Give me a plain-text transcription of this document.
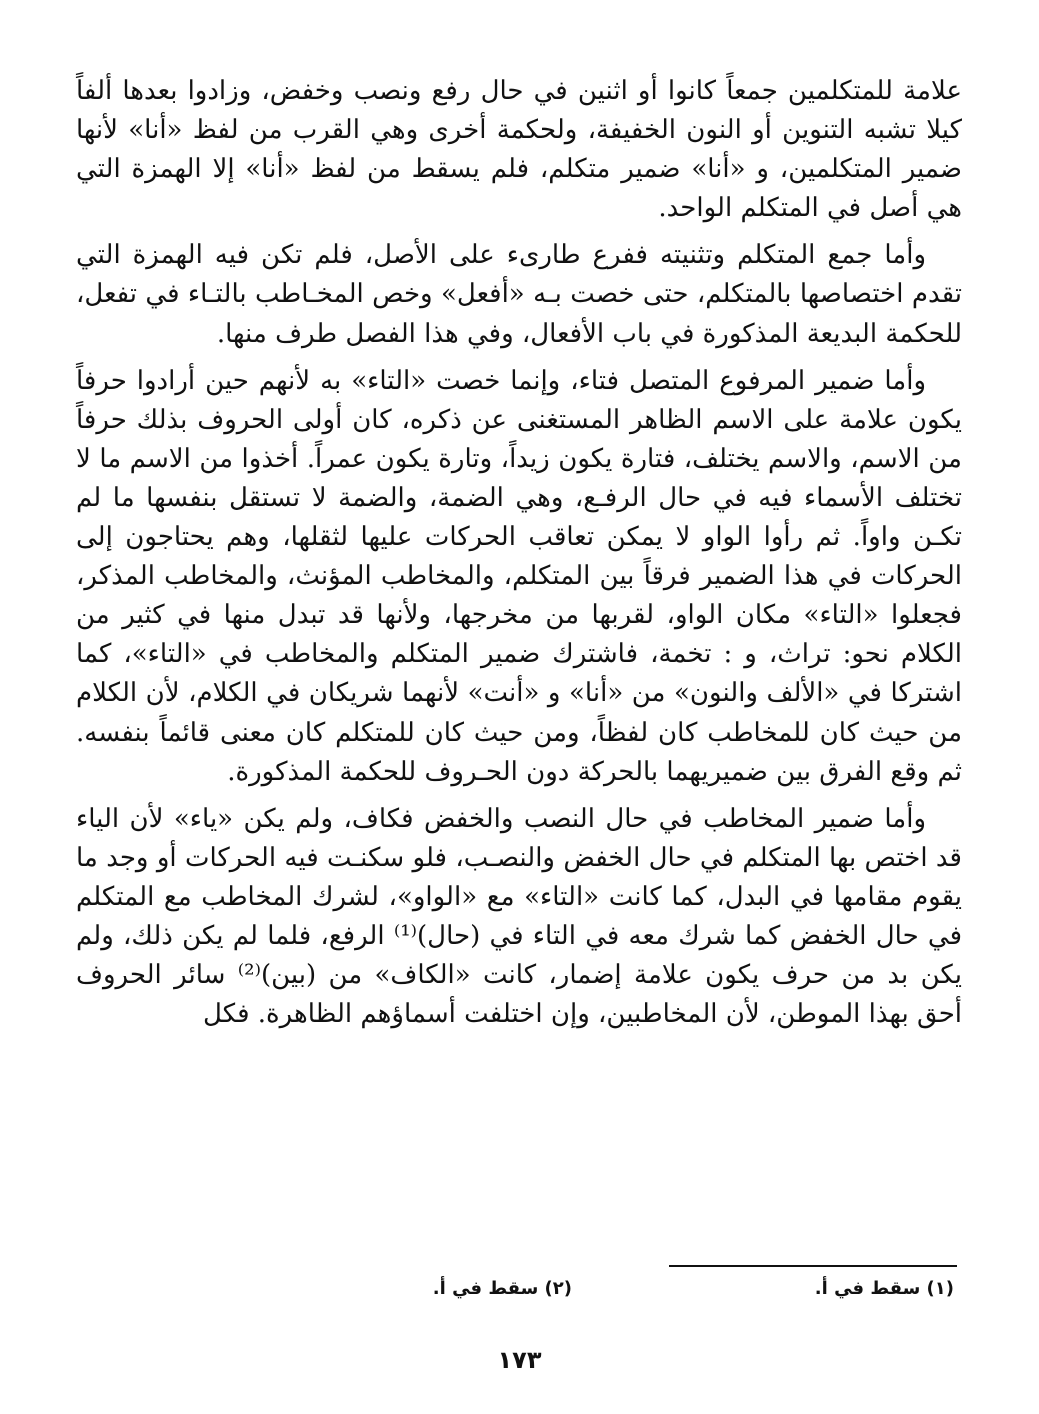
علامة للمتكلمين جمعاً كانوا أو اثنين في حال رفع ونصب وخفض، وزادوا بعدها ألفاً كيلا تشبه التنوين أو النون الخفيفة، ولحكمة أخرى وهي القرب من لفظ «أنا» لأنها ضمير المتكلمين، و «أنا» ضمير متكلم، فلم يسقط من لفظ «أنا» إلا الهمزة التي هي أصل في المتكلم الواحد.

وأما جمع المتكلم وتثنيته ففرع طارىء على الأصل، فلم تكن فيه الهمزة التي تقدم اختصاصها بالمتكلم، حتى خصت بـه «أفعل» وخص المخـاطب بالتـاء في تفعل، للحكمة البديعة المذكورة في باب الأفعال، وفي هذا الفصل طرف منها.

وأما ضمير المرفوع المتصل فتاء، وإنما خصت «التاء» به لأنهم حين أرادوا حرفاً يكون علامة على الاسم الظاهر المستغنى عن ذكره، كان أولى الحروف بذلك حرفاً من الاسم، والاسم يختلف، فتارة يكون زيداً، وتارة يكون عمراً. أخذوا من الاسم ما لا تختلف الأسماء فيه في حال الرفـع، وهي الضمة، والضمة لا تستقل بنفسها ما لم تكـن واواً. ثم رأوا الواو لا يمكن تعاقب الحركات عليها لثقلها، وهم يحتاجون إلى الحركات في هذا الضمير فرقاً بين المتكلم، والمخاطب المؤنث، والمخاطب المذكر، فجعلوا «التاء» مكان الواو، لقربها من مخرجها، ولأنها قد تبدل منها في كثير من الكلام نحو: تراث، و : تخمة، فاشترك ضمير المتكلم والمخاطب في «التاء»، كما اشتركا في «الألف والنون» من «أنا» و «أنت» لأنهما شريكان في الكلام، لأن الكلام من حيث كان للمخاطب كان لفظاً، ومن حيث كان للمتكلم كان معنى قائماً بنفسه. ثم وقع الفرق بين ضميريهما بالحركة دون الحـروف للحكمة المذكورة.

وأما ضمير المخاطب في حال النصب والخفض فكاف، ولم يكن «ياء» لأن الياء قد اختص بها المتكلم في حال الخفض والنصـب، فلو سكنـت فيه الحركات أو وجد ما يقوم مقامها في البدل، كما كانت «التاء» مع «الواو»، لشرك المخاطب مع المتكلم في حال الخفض كما شرك معه في التاء في (حال)⁽¹⁾ الرفع، فلما لم يكن ذلك، ولم يكن بد من حرف يكون علامة إضمار، كانت «الكاف» من (بين)⁽²⁾ سائر الحروف أحق بهذا الموطن، لأن المخاطبين، وإن اختلفت أسماؤهم الظاهرة. فكل

(١) سقط في أ.
(٢) سقط في أ.
١٧٣
